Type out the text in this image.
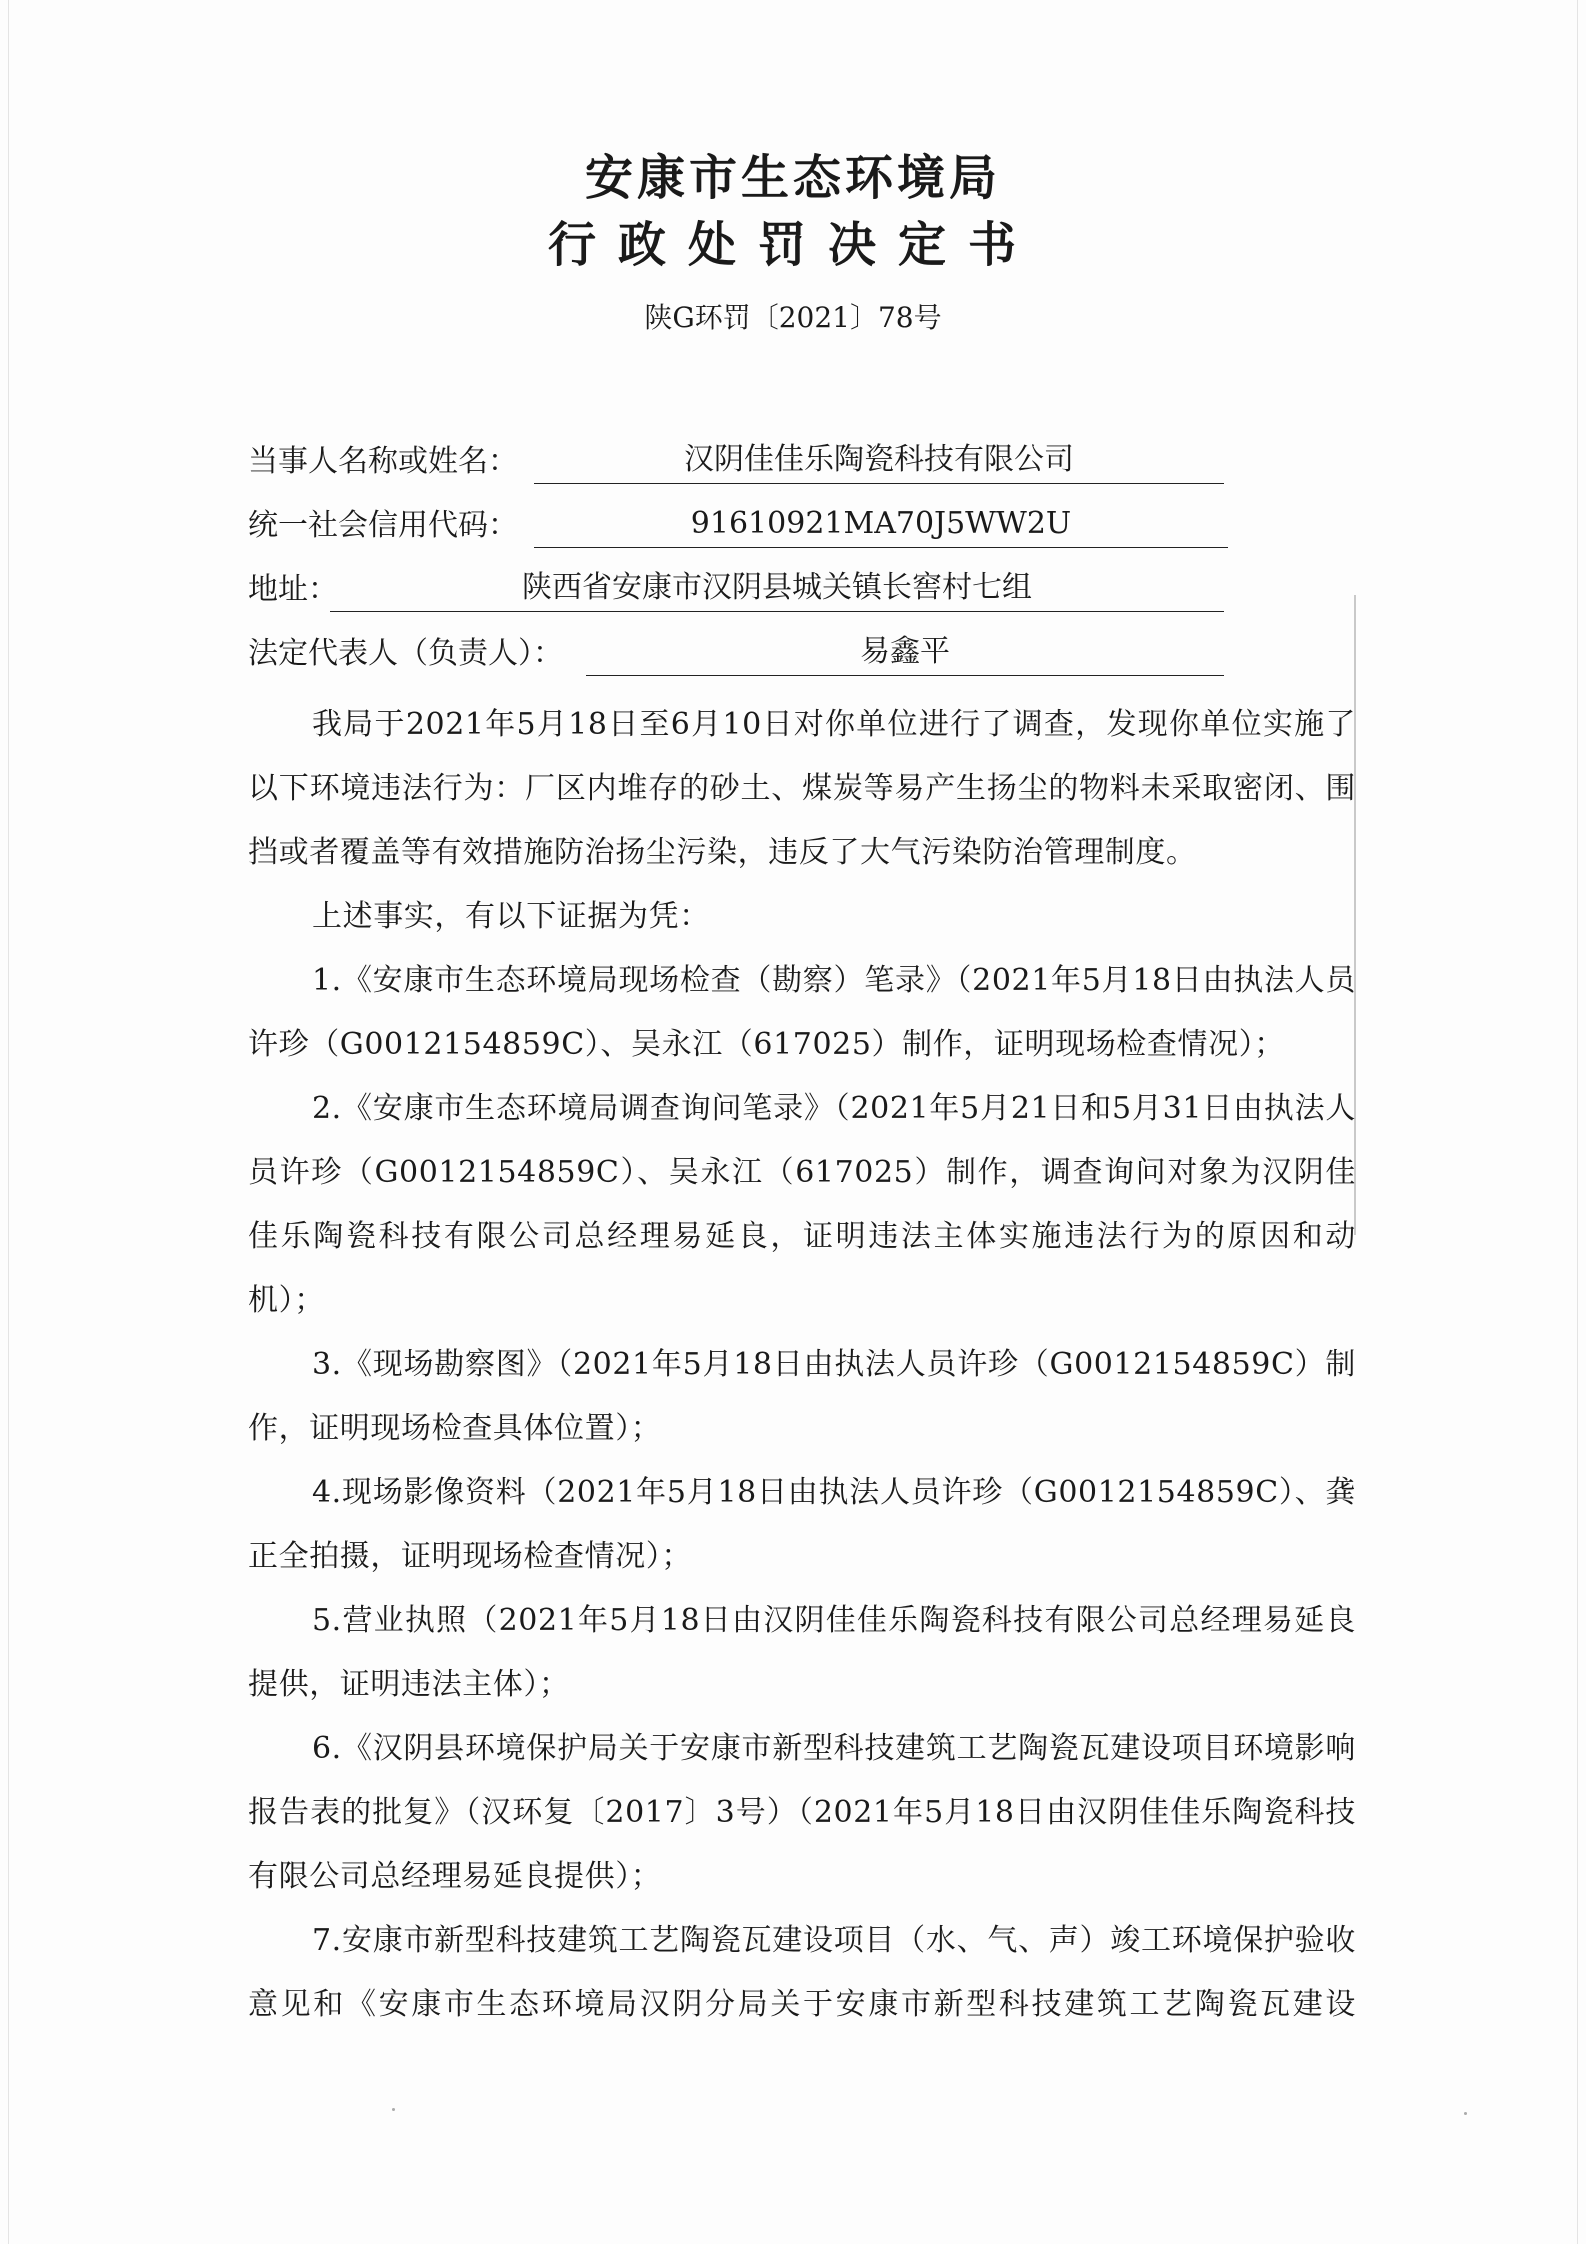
安康市生态环境局
行政处罚决定书
陕G环罚〔2021〕78号
当事人名称或姓名：	汉阴佳佳乐陶瓷科技有限公司
统一社会信用代码：	91610921MA70J5WW2U
地址：	陕西省安康市汉阴县城关镇长窖村七组
法定代表人（负责人）：	易鑫平

我局于2021年5月18日至6月10日对你单位进行了调查，发现你单位实施了以下环境违法行为：厂区内堆存的砂土、煤炭等易产生扬尘的物料未采取密闭、围挡或者覆盖等有效措施防治扬尘污染，违反了大气污染防治管理制度。

上述事实，有以下证据为凭：

1.《安康市生态环境局现场检查（勘察）笔录》（2021年5月18日由执法人员许珍（G0012154859C）、吴永江（617025）制作，证明现场检查情况）；

2.《安康市生态环境局调查询问笔录》（2021年5月21日和5月31日由执法人员许珍（G0012154859C）、吴永江（617025）制作，调查询问对象为汉阴佳佳乐陶瓷科技有限公司总经理易延良，证明违法主体实施违法行为的原因和动机）；

3.《现场勘察图》（2021年5月18日由执法人员许珍（G0012154859C）制作，证明现场检查具体位置）；

4.现场影像资料（2021年5月18日由执法人员许珍（G0012154859C）、龚正全拍摄，证明现场检查情况）；

5.营业执照（2021年5月18日由汉阴佳佳乐陶瓷科技有限公司总经理易延良提供，证明违法主体）；

6.《汉阴县环境保护局关于安康市新型科技建筑工艺陶瓷瓦建设项目环境影响报告表的批复》（汉环复〔2017〕3号）（2021年5月18日由汉阴佳佳乐陶瓷科技有限公司总经理易延良提供）；

7.安康市新型科技建筑工艺陶瓷瓦建设项目（水、气、声）竣工环境保护验收意见和《安康市生态环境局汉阴分局关于安康市新型科技建筑工艺陶瓷瓦建设
